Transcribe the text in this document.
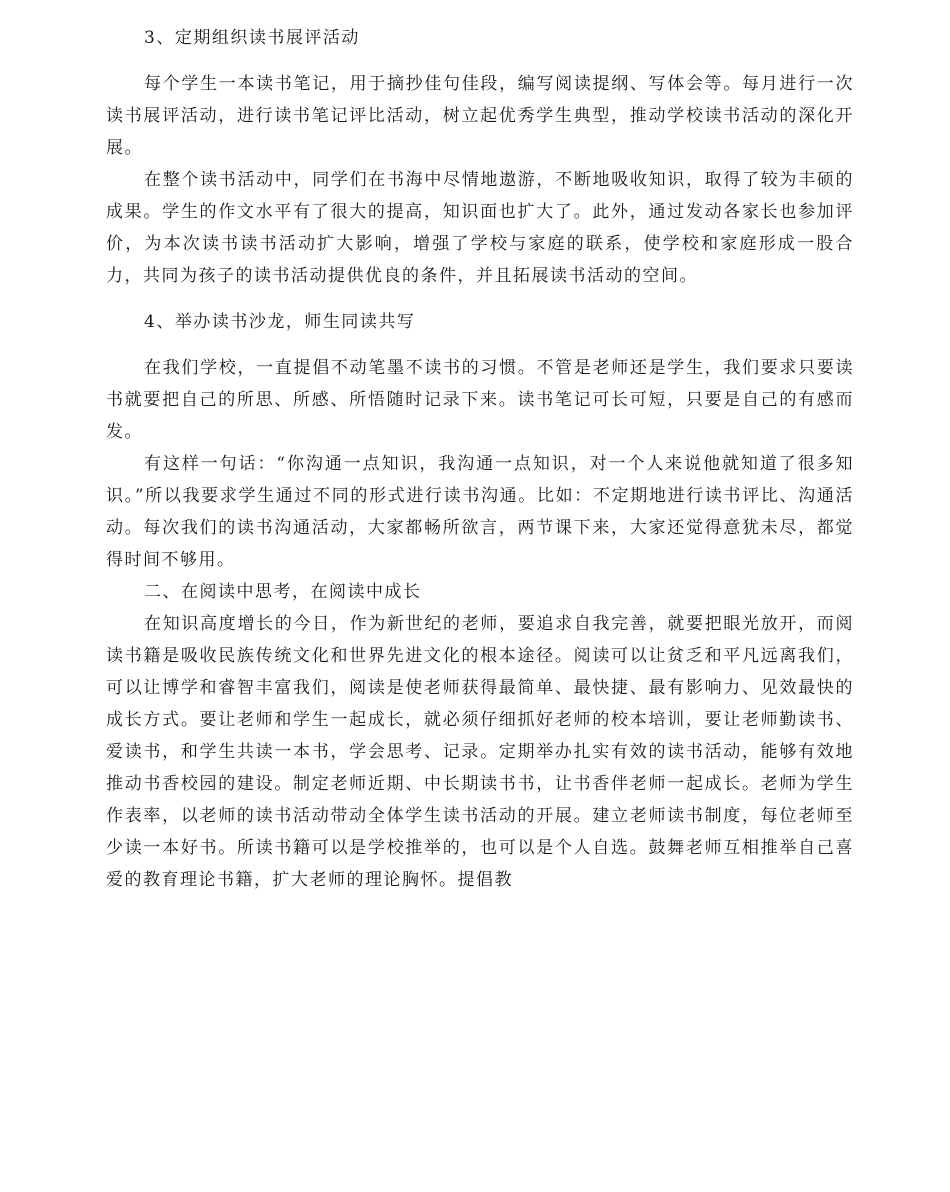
3、定期组织读书展评活动

每个学生一本读书笔记，用于摘抄佳句佳段，编写阅读提纲、写体会等。每月进行一次读书展评活动，进行读书笔记评比活动，树立起优秀学生典型，推动学校读书活动的深化开展。

在整个读书活动中，同学们在书海中尽情地遨游，不断地吸收知识，取得了较为丰硕的成果。学生的作文水平有了很大的提高，知识面也扩大了。此外，通过发动各家长也参加评价，为本次读书读书活动扩大影响，增强了学校与家庭的联系，使学校和家庭形成一股合力，共同为孩子的读书活动提供优良的条件，并且拓展读书活动的空间。

4、举办读书沙龙，师生同读共写

在我们学校，一直提倡不动笔墨不读书的习惯。不管是老师还是学生，我们要求只要读书就要把自己的所思、所感、所悟随时记录下来。读书笔记可长可短，只要是自己的有感而发。

有这样一句话：“你沟通一点知识，我沟通一点知识，对一个人来说他就知道了很多知识。”所以我要求学生通过不同的形式进行读书沟通。比如：不定期地进行读书评比、沟通活动。每次我们的读书沟通活动，大家都畅所欲言，两节课下来，大家还觉得意犹未尽，都觉得时间不够用。

二、在阅读中思考，在阅读中成长

在知识高度增长的今日，作为新世纪的老师，要追求自我完善，就要把眼光放开，而阅读书籍是吸收民族传统文化和世界先进文化的根本途径。阅读可以让贫乏和平凡远离我们，可以让博学和睿智丰富我们，阅读是使老师获得最简单、最快捷、最有影响力、见效最快的成长方式。要让老师和学生一起成长，就必须仔细抓好老师的校本培训，要让老师勤读书、爱读书，和学生共读一本书，学会思考、记录。定期举办扎实有效的读书活动，能够有效地推动书香校园的建设。制定老师近期、中长期读书书，让书香伴老师一起成长。老师为学生作表率，以老师的读书活动带动全体学生读书活动的开展。建立老师读书制度，每位老师至少读一本好书。所读书籍可以是学校推举的，也可以是个人自选。鼓舞老师互相推举自己喜爱的教育理论书籍，扩大老师的理论胸怀。提倡教
